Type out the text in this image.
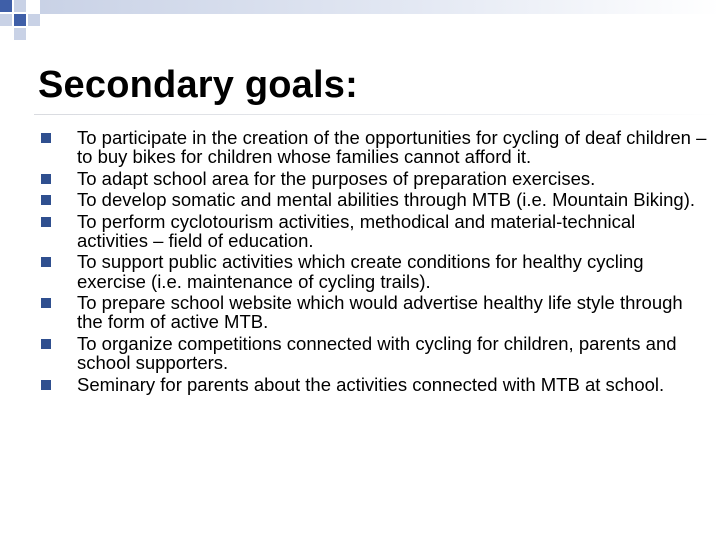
Secondary goals:
To participate in the creation of the opportunities for cycling of deaf children – to buy bikes for children whose families cannot afford it.
To adapt school area for the purposes of preparation exercises.
To develop somatic and mental abilities through MTB (i.e. Mountain Biking).
To perform cyclotourism activities, methodical and material-technical activities – field of education.
To support public activities which create conditions for healthy cycling exercise (i.e. maintenance of cycling trails).
To prepare school website which would advertise healthy life style through the form of active MTB.
To organize competitions connected with cycling for children, parents and school supporters.
Seminary for parents about the activities connected with MTB at school.
